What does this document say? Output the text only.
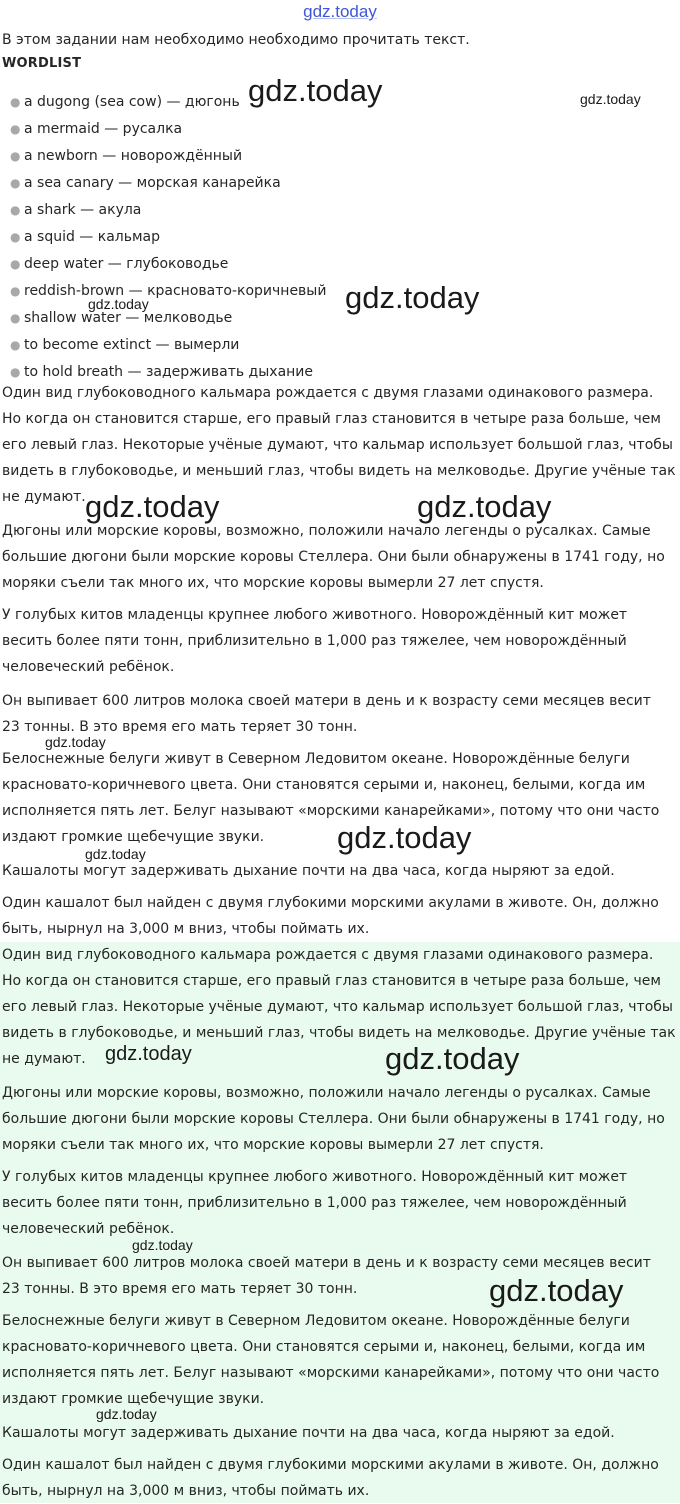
gdz.today
В этом задании нам необходимо необходимо прочитать текст.
WORDLIST
● a dugong (sea cow) — дюгонь
● a mermaid — русалка
● a newborn — новорождённый
● a sea canary — морская канарейка
● a shark — акула
● a squid — кальмар
● deep water — глубоководье
● reddish-brown — красновато-коричневый
● shallow water — мелководье
● to become extinct — вымерли
● to hold breath — задерживать дыхание

Один вид глубоководного кальмара рождается с двумя глазами одинакового размера.
Но когда он становится старше, его правый глаз становится в четыре раза больше, чем
его левый глаз. Некоторые учёные думают, что кальмар использует большой глаз, чтобы
видеть в глубоководье, и меньший глаз, чтобы видеть на мелководье. Другие учёные так
не думают.

Дюгоны или морские коровы, возможно, положили начало легенды о русалках. Самые
большие дюгони были морские коровы Стеллера. Они были обнаружены в 1741 году, но
моряки съели так много их, что морские коровы вымерли 27 лет спустя.

У голубых китов младенцы крупнее любого животного. Новорождённый кит может
весить более пяти тонн, приблизительно в 1,000 раз тяжелее, чем новорождённый
человеческий ребёнок.

Он выпивает 600 литров молока своей матери в день и к возрасту семи месяцев весит
23 тонны. В это время его мать теряет 30 тонн.

Белоснежные белуги живут в Северном Ледовитом океане. Новорождённые белуги
красновато-коричневого цвета. Они становятся серыми и, наконец, белыми, когда им
исполняется пять лет. Белуг называют «морскими канарейками», потому что они часто
издают громкие щебечущие звуки.

Кашалоты могут задерживать дыхание почти на два часа, когда ныряют за едой.

Один кашалот был найден с двумя глубокими морскими акулами в животе. Он, должно
быть, нырнул на 3,000 м вниз, чтобы поймать их.

Один вид глубоководного кальмара рождается с двумя глазами одинакового размера.
Но когда он становится старше, его правый глаз становится в четыре раза больше, чем
его левый глаз. Некоторые учёные думают, что кальмар использует большой глаз, чтобы
видеть в глубоководье, и меньший глаз, чтобы видеть на мелководье. Другие учёные так
не думают.

Дюгоны или морские коровы, возможно, положили начало легенды о русалках. Самые
большие дюгони были морские коровы Стеллера. Они были обнаружены в 1741 году, но
моряки съели так много их, что морские коровы вымерли 27 лет спустя.

У голубых китов младенцы крупнее любого животного. Новорождённый кит может
весить более пяти тонн, приблизительно в 1,000 раз тяжелее, чем новорождённый
человеческий ребёнок.

Он выпивает 600 литров молока своей матери в день и к возрасту семи месяцев весит
23 тонны. В это время его мать теряет 30 тонн.

Белоснежные белуги живут в Северном Ледовитом океане. Новорождённые белуги
красновато-коричневого цвета. Они становятся серыми и, наконец, белыми, когда им
исполняется пять лет. Белуг называют «морскими канарейками», потому что они часто
издают громкие щебечущие звуки.

Кашалоты могут задерживать дыхание почти на два часа, когда ныряют за едой.

Один кашалот был найден с двумя глубокими морскими акулами в животе. Он, должно
быть, нырнул на 3,000 м вниз, чтобы поймать их.

gdz.today	gdz.today
gdz.today
gdz.today
gdz.today	gdz.today
gdz.today
gdz.today
gdz.today
gdz.today	gdz.today
gdz.today
gdz.today
gdz.today
